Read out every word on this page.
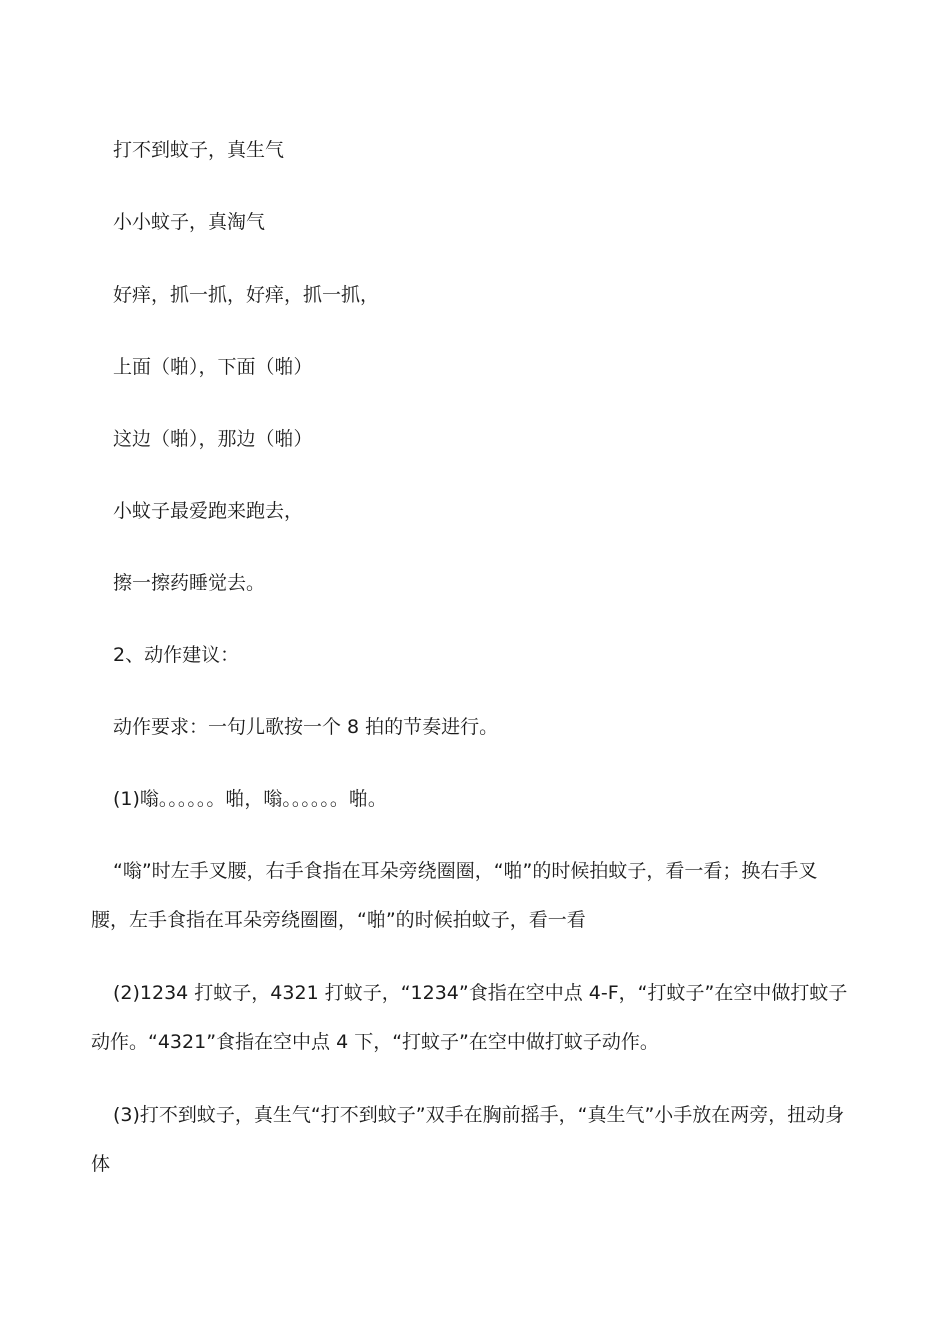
打不到蚊子，真生气

小小蚊子，真淘气

好痒，抓一抓，好痒，抓一抓，

上面（啪），下面（啪）

这边（啪），那边（啪）

小蚊子最爱跑来跑去，

擦一擦药睡觉去。

2、动作建议：

动作要求：一句儿歌按一个 8 拍的节奏进行。

(1)嗡。。。。。。啪，嗡。。。。。。啪。

“嗡”时左手叉腰，右手食指在耳朵旁绕圈圈，“啪”的时候拍蚊子，看一看；换右手叉腰，左手食指在耳朵旁绕圈圈，“啪”的时候拍蚊子，看一看

(2)1234 打蚊子，4321 打蚊子，“1234”食指在空中点 4-F，“打蚊子”在空中做打蚊子动作。“4321”食指在空中点 4 下，“打蚊子”在空中做打蚊子动作。

(3)打不到蚊子，真生气“打不到蚊子”双手在胸前摇手，“真生气”小手放在两旁，扭动身体
